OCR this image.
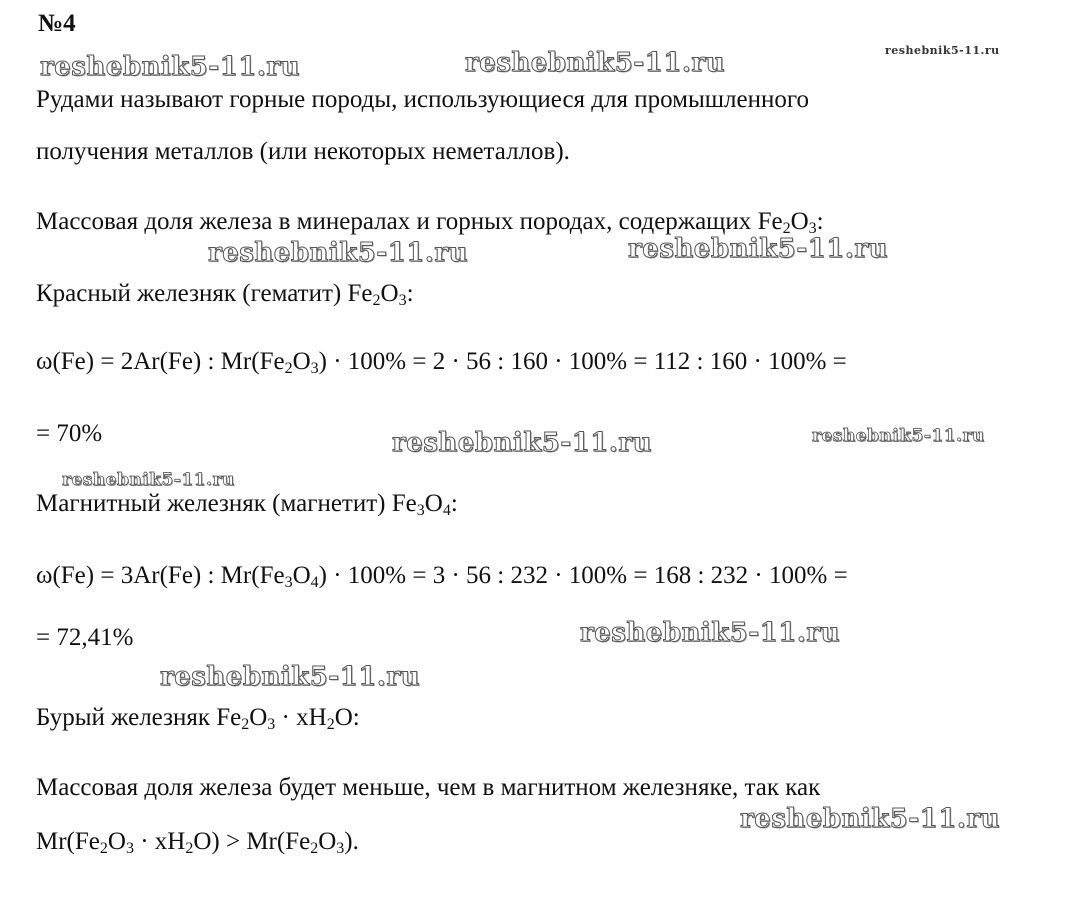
№4

reshebnik5-11.ru	reshebnik5-11.ru	reshebnik5-11.ru

Рудами называют горные породы, использующиеся для промышленного

получения металлов (или некоторых неметаллов).

Массовая доля железа в минералах и горных породах, содержащих $Fe_2O_3$:

reshebnik5-11.ru	reshebnik5-11.ru

Красный железняк (гематит) $Fe_2O_3$:

ω(Fe) = 2Ar(Fe) : $Mr(Fe_2O_3) \cdot 100\% = 2 \cdot 56$ : 160 · 100% = 112 : 160 · 100% =

= 70%	reshebnik5-11.ru	reshebnik5-11.ru
reshebnik5-11.ru

Магнитный железняк (магнетит) $Fe_3O_4$:

ω(Fe) = 3Ar(Fe) : $Mr(Fe_3O_4) \cdot 100\% = 3 \cdot 56$ : 232 · 100% = 168 : 232 · 100% =

= 72,41%	reshebnik5-11.ru
reshebnik5-11.ru

Бурый железняк $Fe_2O_3 \cdot xH_2O$:

Массовая доля железа будет меньше, чем в магнитном железняке, так как

reshebnik5-11.ru

$Mr(Fe_2O_3 \cdot xH_2O) > Mr(Fe_2O_3)$.
